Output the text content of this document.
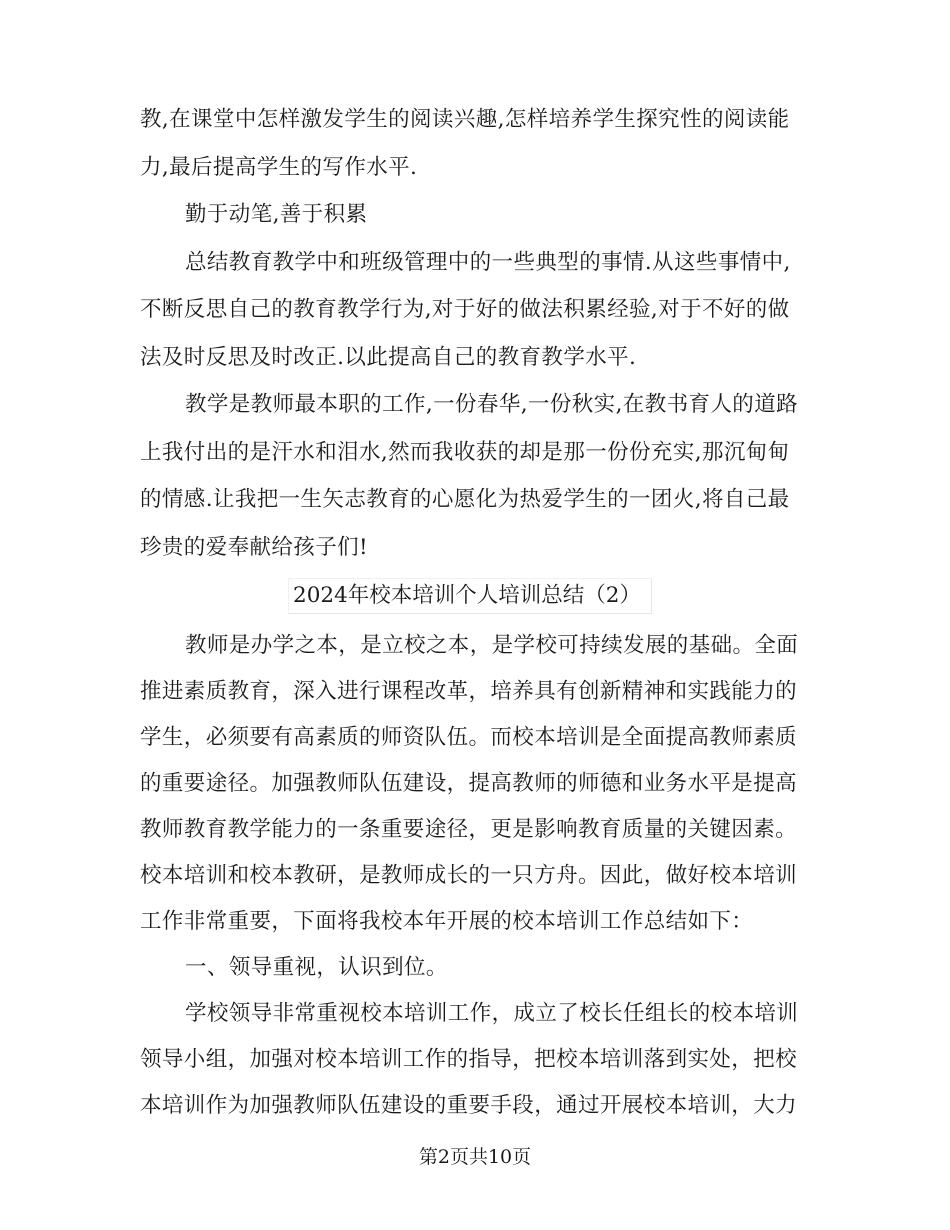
教,在课堂中怎样激发学生的阅读兴趣,怎样培养学生探究性的阅读能
力,最后提高学生的写作水平.
勤于动笔,善于积累
总结教育教学中和班级管理中的一些典型的事情.从这些事情中,
不断反思自己的教育教学行为,对于好的做法积累经验,对于不好的做
法及时反思及时改正.以此提高自己的教育教学水平.
教学是教师最本职的工作,一份春华,一份秋实,在教书育人的道路
上我付出的是汗水和泪水,然而我收获的却是那一份份充实,那沉甸甸
的情感.让我把一生矢志教育的心愿化为热爱学生的一团火,将自己最
珍贵的爱奉献给孩子们!
2024年校本培训个人培训总结（2）
教师是办学之本，是立校之本，是学校可持续发展的基础。全面
推进素质教育，深入进行课程改革，培养具有创新精神和实践能力的
学生，必须要有高素质的师资队伍。而校本培训是全面提高教师素质
的重要途径。加强教师队伍建设，提高教师的师德和业务水平是提高
教师教育教学能力的一条重要途径，更是影响教育质量的关键因素。
校本培训和校本教研，是教师成长的一只方舟。因此，做好校本培训
工作非常重要，下面将我校本年开展的校本培训工作总结如下：
一、领导重视，认识到位。
学校领导非常重视校本培训工作，成立了校长任组长的校本培训
领导小组，加强对校本培训工作的指导，把校本培训落到实处，把校
本培训作为加强教师队伍建设的重要手段，通过开展校本培训，大力
第2页共10页
